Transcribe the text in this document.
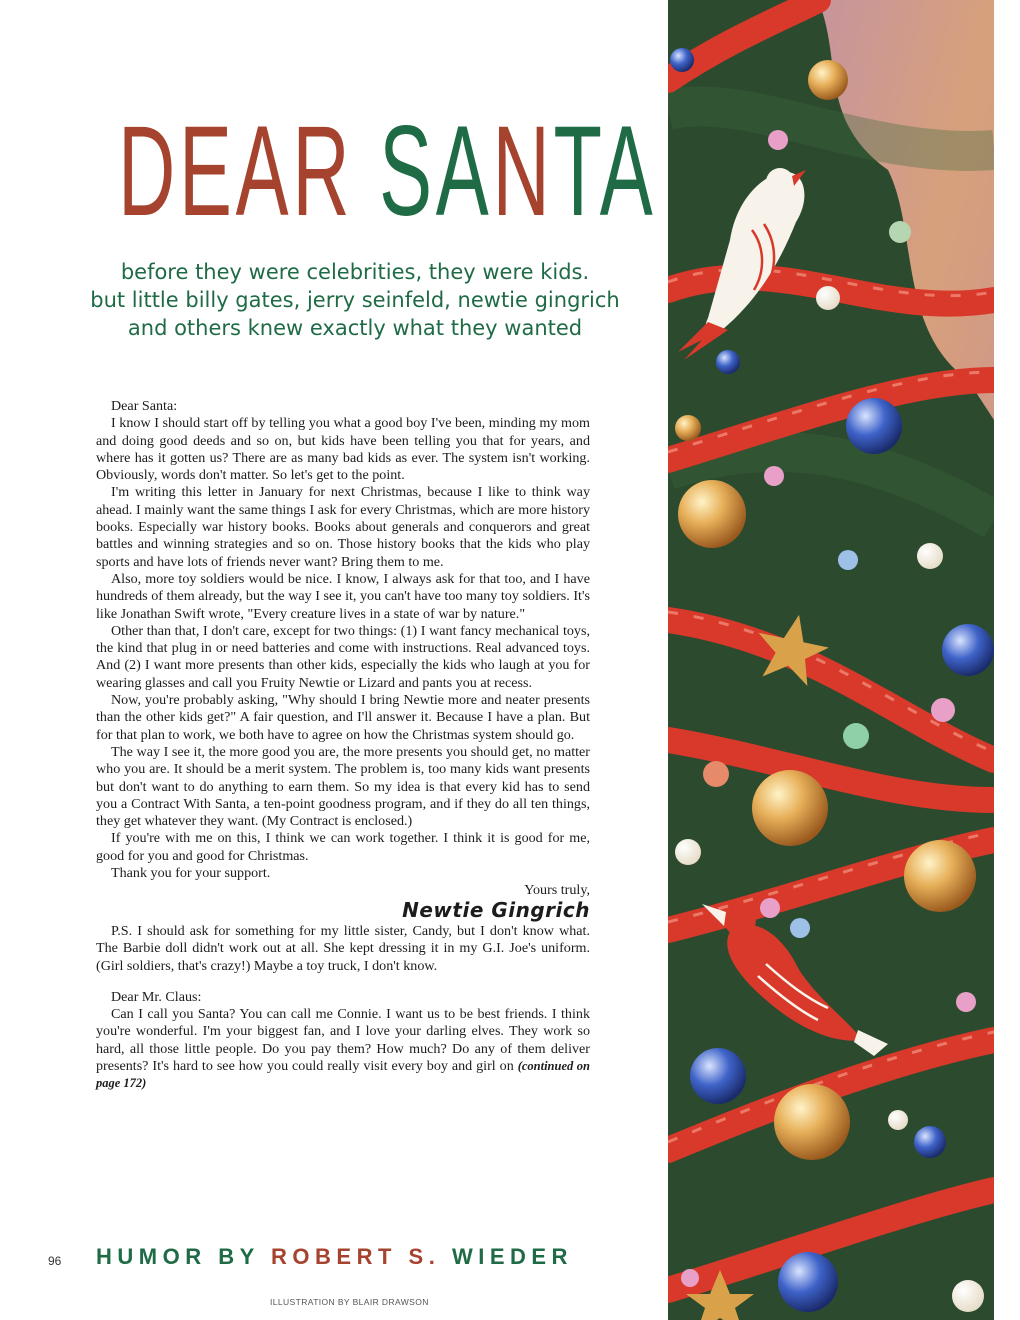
DEAR SANTA
before they were celebrities, they were kids.
but little billy gates, jerry seinfeld, newtie gingrich
and others knew exactly what they wanted

Dear Santa:

I know I should start off by telling you what a good boy I've been, minding my mom and doing good deeds and so on, but kids have been telling you that for years, and where has it gotten us? There are as many bad kids as ever. The system isn't working. Obviously, words don't matter. So let's get to the point.

I'm writing this letter in January for next Christmas, because I like to think way ahead. I mainly want the same things I ask for every Christmas, which are more history books. Especially war history books. Books about generals and conquerors and great battles and winning strategies and so on. Those history books that the kids who play sports and have lots of friends never want? Bring them to me.

Also, more toy soldiers would be nice. I know, I always ask for that too, and I have hundreds of them already, but the way I see it, you can't have too many toy soldiers. It's like Jonathan Swift wrote, "Every creature lives in a state of war by nature."

Other than that, I don't care, except for two things: (1) I want fancy mechanical toys, the kind that plug in or need batteries and come with instructions. Real advanced toys. And (2) I want more presents than other kids, especially the kids who laugh at you for wearing glasses and call you Fruity Newtie or Lizard and pants you at recess.

Now, you're probably asking, "Why should I bring Newtie more and neater presents than the other kids get?" A fair question, and I'll answer it. Because I have a plan. But for that plan to work, we both have to agree on how the Christmas system should go.

The way I see it, the more good you are, the more presents you should get, no matter who you are. It should be a merit system. The problem is, too many kids want presents but don't want to do anything to earn them. So my idea is that every kid has to send you a Contract With Santa, a ten-point goodness program, and if they do all ten things, they get whatever they want. (My Contract is enclosed.)

If you're with me on this, I think we can work together. I think it is good for me, good for you and good for Christmas.

Thank you for your support.

Yours truly,

Newtie Gingrich

P.S. I should ask for something for my little sister, Candy, but I don't know what. The Barbie doll didn't work out at all. She kept dressing it in my G.I. Joe's uniform. (Girl soldiers, that's crazy!) Maybe a toy truck, I don't know.

Dear Mr. Claus:

Can I call you Santa? You can call me Connie. I want us to be best friends. I think you're wonderful. I'm your biggest fan, and I love your darling elves. They work so hard, all those little people. Do you pay them? How much? Do any of them deliver presents? It's hard to see how you could really visit every boy and girl on (continued on page 172)

96 HUMOR BY ROBERT S. WIEDER
ILLUSTRATION BY BLAIR DRAWSON
